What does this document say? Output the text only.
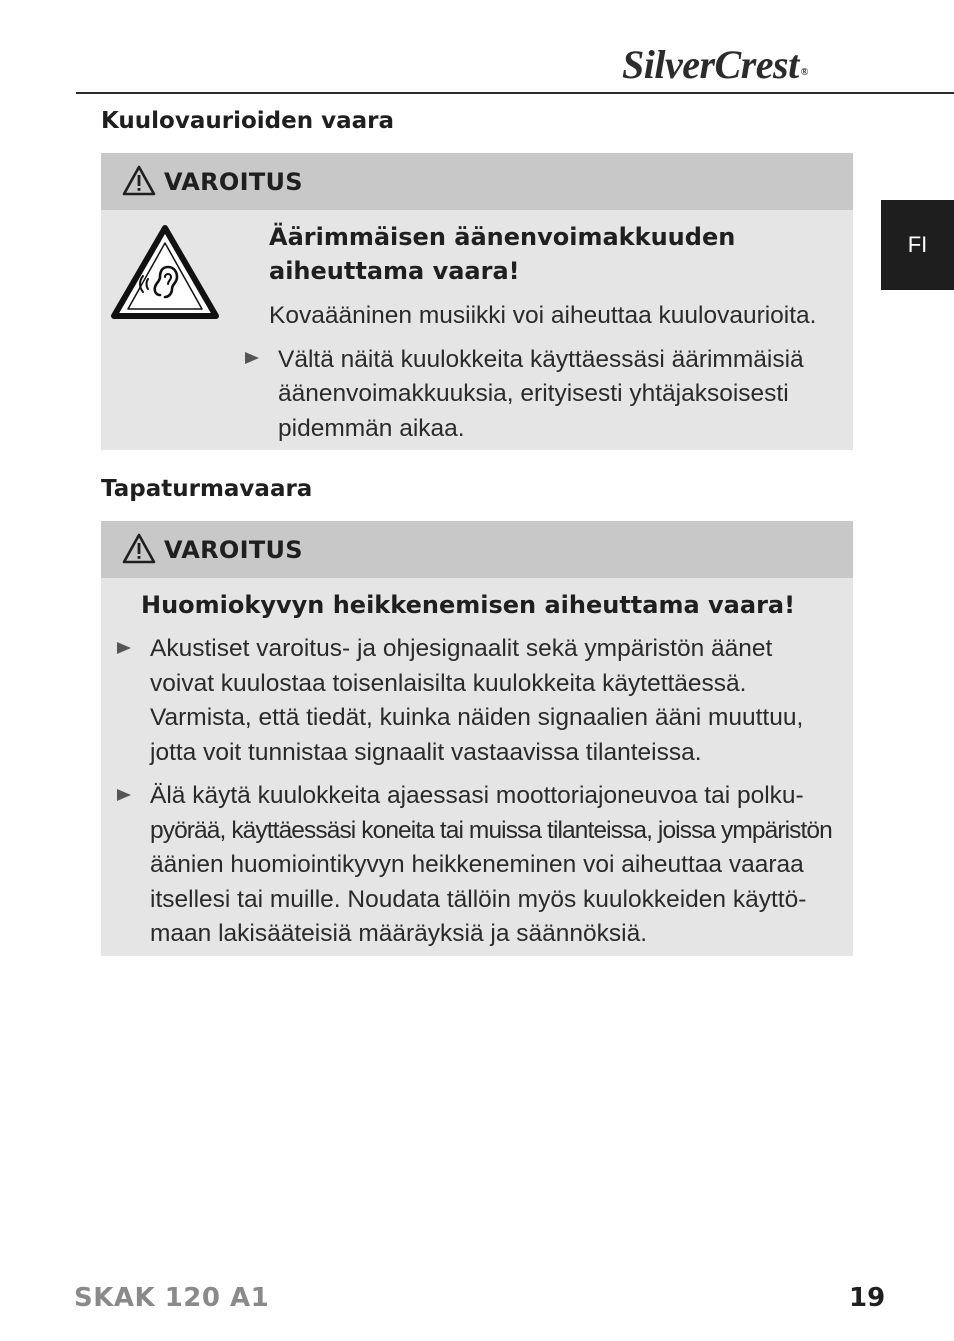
SilverCrest ®
FI
Kuulovaurioiden vaara
VAROITUS
Äärimmäisen äänenvoimakkuuden
aiheuttama vaara!
Kovaääninen musiikki voi aiheuttaa kuulovaurioita.
Vältä näitä kuulokkeita käyttäessäsi äärimmäisiä
äänenvoimakkuuksia, erityisesti yhtäjaksoisesti
pidemmän aikaa.
Tapaturmavaara
VAROITUS
Huomiokyvyn heikkenemisen aiheuttama vaara!
Akustiset varoitus- ja ohjesignaalit sekä ympäristön äänet
voivat kuulostaa toisenlaisilta kuulokkeita käytettäessä.
Varmista, että tiedät, kuinka näiden signaalien ääni muuttuu,
jotta voit tunnistaa signaalit vastaavissa tilanteissa.
Älä käytä kuulokkeita ajaessasi moottoriajoneuvoa tai polku-
pyörää, käyttäessäsi koneita tai muissa tilanteissa, joissa ympäristön
äänien huomiointikyvyn heikkeneminen voi aiheuttaa vaaraa
itsellesi tai muille. Noudata tällöin myös kuulokkeiden käyttö-
maan lakisääteisiä määräyksiä ja säännöksiä.
SKAK 120 A1	19
